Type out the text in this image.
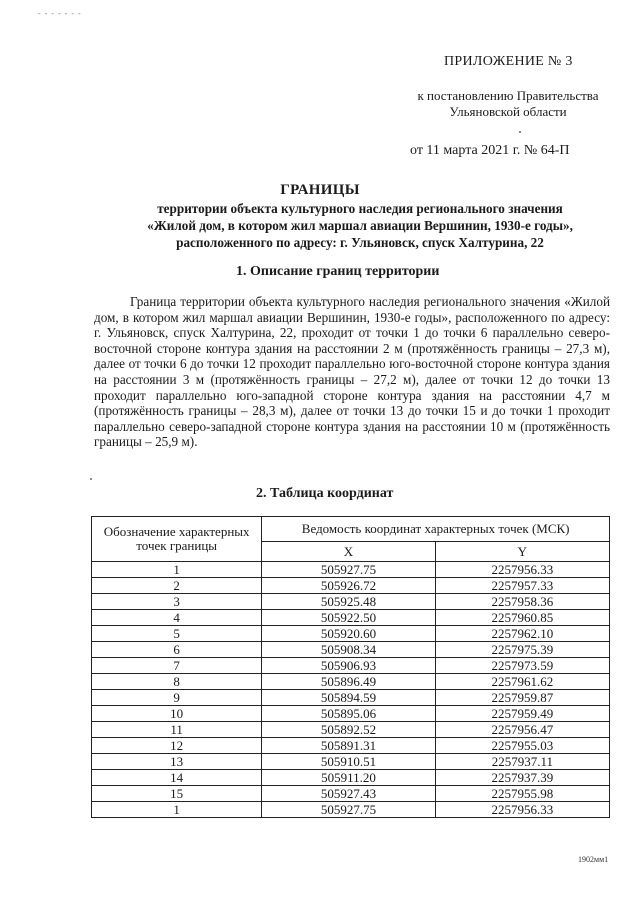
- - - - - - -
ПРИЛОЖЕНИЕ № 3
к постановлению Правительства
Ульяновской области
от 11 марта 2021 г. № 64-П
ГРАНИЦЫ
территории объекта культурного наследия регионального значения
«Жилой дом, в котором жил маршал авиации Вершинин, 1930-е годы»,
расположенного по адресу: г. Ульяновск, спуск Халтурина, 22
1. Описание границ территории
Граница территории объекта культурного наследия регионального значения «Жилой дом, в котором жил маршал авиации Вершинин, 1930-е годы», расположенного по адресу: г. Ульяновск, спуск Халтурина, 22, проходит от точки 1 до точки 6 параллельно северо-восточной стороне контура здания на расстоянии 2 м (протяжённость границы – 27,3 м), далее от точки 6 до точки 12 проходит параллельно юго-восточной стороне контура здания на расстоянии 3 м (протяжённость границы – 27,2 м), далее от точки 12 до точки 13 проходит параллельно юго-западной стороне контура здания на расстоянии 4,7 м (протяжённость границы – 28,3 м), далее от точки 13 до точки 15 и до точки 1 проходит параллельно северо-западной стороне контура здания на расстоянии 10 м (протяжённость границы – 25,9 м).
2. Таблица координат
Обозначение характерных точек границы	Ведомость координат характерных точек (МСК)	
	X	Y
1	505927.75	2257956.33
2	505926.72	2257957.33
3	505925.48	2257958.36
4	505922.50	2257960.85
5	505920.60	2257962.10
6	505908.34	2257975.39
7	505906.93	2257973.59
8	505896.49	2257961.62
9	505894.59	2257959.87
10	505895.06	2257959.49
11	505892.52	2257956.47
12	505891.31	2257955.03
13	505910.51	2257937.11
14	505911.20	2257937.39
15	505927.43	2257955.98
1	505927.75	2257956.33
1902мм1
